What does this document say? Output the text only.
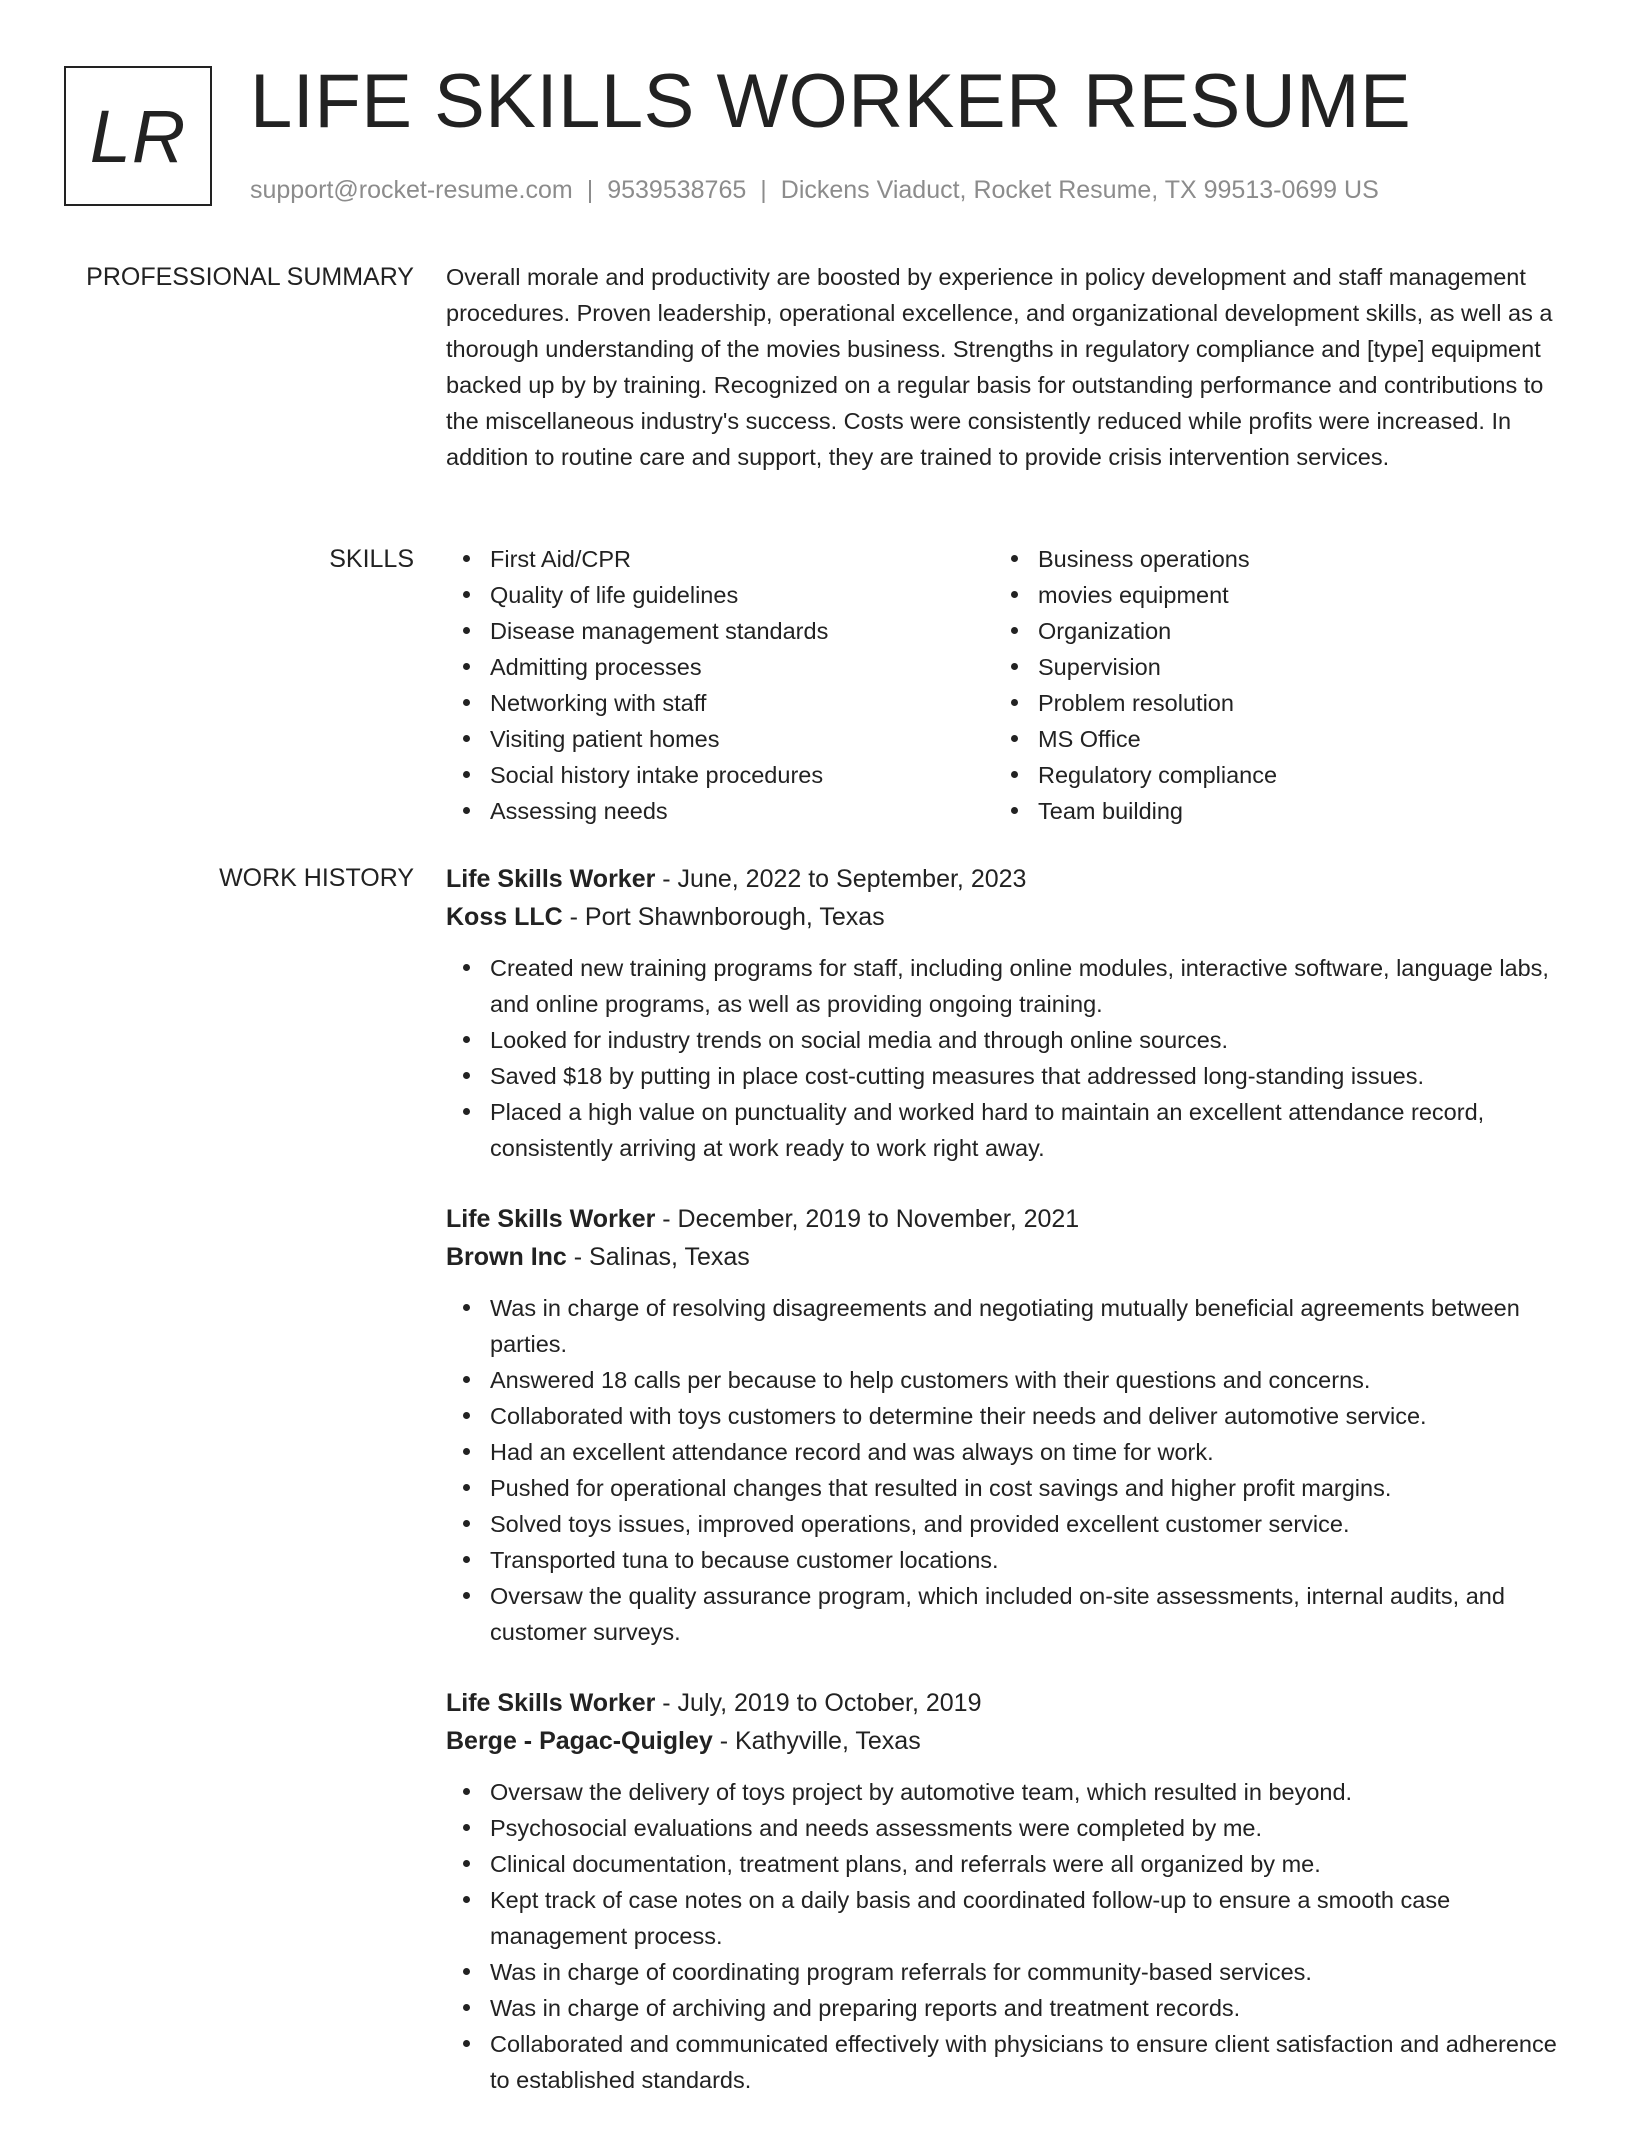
LR LIFE SKILLS WORKER RESUME
support@rocket-resume.com | 9539538765 | Dickens Viaduct, Rocket Resume, TX 99513-0699 US
PROFESSIONAL SUMMARY Overall morale and productivity are boosted by experience in policy development and staff management procedures. Proven leadership, operational excellence, and organizational development skills, as well as a thorough understanding of the movies business. Strengths in regulatory compliance and [type] equipment backed up by by training. Recognized on a regular basis for outstanding performance and contributions to the miscellaneous industry's success. Costs were consistently reduced while profits were increased. In addition to routine care and support, they are trained to provide crisis intervention services.

SKILLS	First Aid/CPR
Quality of life guidelines
Disease management standards
Admitting processes
Networking with staff
Visiting patient homes
Social history intake procedures
Assessing needs
Business operations
movies equipment
Organization
Supervision
Problem resolution
MS Office
Regulatory compliance
Team building
WORK HISTORY Life Skills Worker - June, 2022 to September, 2023
Koss LLC - Port Shawnborough, Texas
Created new training programs for staff, including online modules, interactive software, language labs, and online programs, as well as providing ongoing training.
Looked for industry trends on social media and through online sources.
Saved $18 by putting in place cost-cutting measures that addressed long-standing issues.
Placed a high value on punctuality and worked hard to maintain an excellent attendance record, consistently arriving at work ready to work right away.
Life Skills Worker - December, 2019 to November, 2021
Brown Inc - Salinas, Texas
Was in charge of resolving disagreements and negotiating mutually beneficial agreements between parties.
Answered 18 calls per because to help customers with their questions and concerns.
Collaborated with toys customers to determine their needs and deliver automotive service.
Had an excellent attendance record and was always on time for work.
Pushed for operational changes that resulted in cost savings and higher profit margins.
Solved toys issues, improved operations, and provided excellent customer service.
Transported tuna to because customer locations.
Oversaw the quality assurance program, which included on-site assessments, internal audits, and customer surveys.
Life Skills Worker - July, 2019 to October, 2019
Berge - Pagac-Quigley - Kathyville, Texas
Oversaw the delivery of toys project by automotive team, which resulted in beyond.
Psychosocial evaluations and needs assessments were completed by me.
Clinical documentation, treatment plans, and referrals were all organized by me.
Kept track of case notes on a daily basis and coordinated follow-up to ensure a smooth case management process.
Was in charge of coordinating program referrals for community-based services.
Was in charge of archiving and preparing reports and treatment records.
Collaborated and communicated effectively with physicians to ensure client satisfaction and adherence to established standards.
